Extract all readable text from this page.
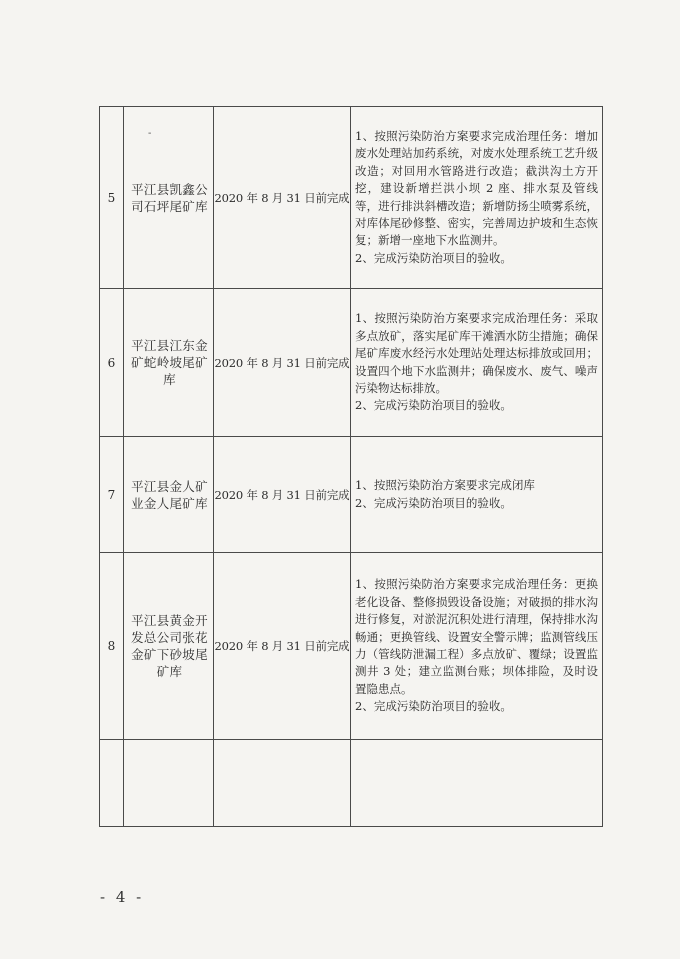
-
5	平江县凯鑫公司石坪尾矿库	2020 年 8 月 31 日前完成	1、按照污染防治方案要求完成治理任务：增加废水处理站加药系统，对废水处理系统工艺升级改造；对回用水管路进行改造；截洪沟土方开挖，建设新增拦洪小坝 2 座、排水泵及管线等，进行排洪斜槽改造；新增防扬尘喷雾系统，对库体尾砂修整、密实，完善周边护坡和生态恢复；新增一座地下水监测井。
2、完成污染防治项目的验收。

6	平江县江东金矿蛇岭坡尾矿库	2020 年 8 月 31 日前完成	1、按照污染防治方案要求完成治理任务：采取多点放矿，落实尾矿库干滩洒水防尘措施；确保尾矿库废水经污水处理站处理达标排放或回用；设置四个地下水监测井；确保废水、废气、噪声污染物达标排放。
2、完成污染防治项目的验收。

7	平江县金人矿业金人尾矿库	2020 年 8 月 31 日前完成	1、按照污染防治方案要求完成闭库
2、完成污染防治项目的验收。

8	平江县黄金开发总公司张花金矿下砂坡尾矿库	2020 年 8 月 31 日前完成	1、按照污染防治方案要求完成治理任务：更换老化设备、整修损毁设备设施；对破损的排水沟进行修复，对淤泥沉积处进行清理，保持排水沟畅通；更换管线、设置安全警示牌；监测管线压力（管线防泄漏工程）多点放矿、覆绿；设置监测井 3 处；建立监测台账；坝体排险，及时设置隐患点。
2、完成污染防治项目的验收。

- 4 -
